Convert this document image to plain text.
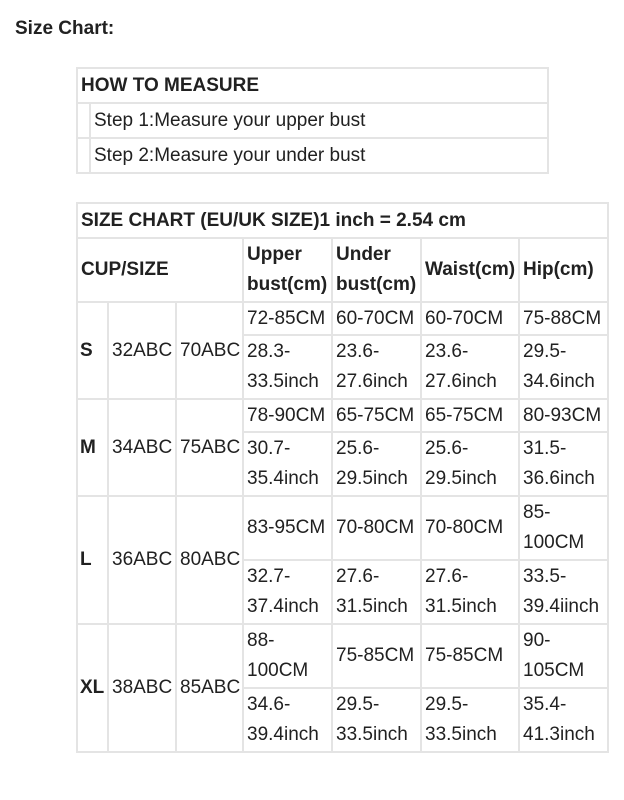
Size Chart:
HOW TO MEASURE	
	Step 1:Measure your upper bust
	Step 2:Measure your under bust
SIZE CHART (EU/UK SIZE)1 inch = 2.54 cm						
CUP/SIZE			Upper bust(cm)	Under bust(cm)	Waist(cm)	Hip(cm)
S	32ABC	70ABC	72-85CM	60-70CM	60-70CM	75-88CM
			28.3-33.5inch	23.6-27.6inch	23.6-27.6inch	29.5-34.6inch
M	34ABC	75ABC	78-90CM	65-75CM	65-75CM	80-93CM
			30.7-35.4inch	25.6-29.5inch	25.6-29.5inch	31.5-36.6inch
L	36ABC	80ABC	83-95CM	70-80CM	70-80CM	85-100CM
			32.7-37.4inch	27.6-31.5inch	27.6-31.5inch	33.5-39.4iinch
XL	38ABC	85ABC	88-100CM	75-85CM	75-85CM	90-105CM
			34.6-39.4inch	29.5-33.5inch	29.5-33.5inch	35.4-41.3inch
